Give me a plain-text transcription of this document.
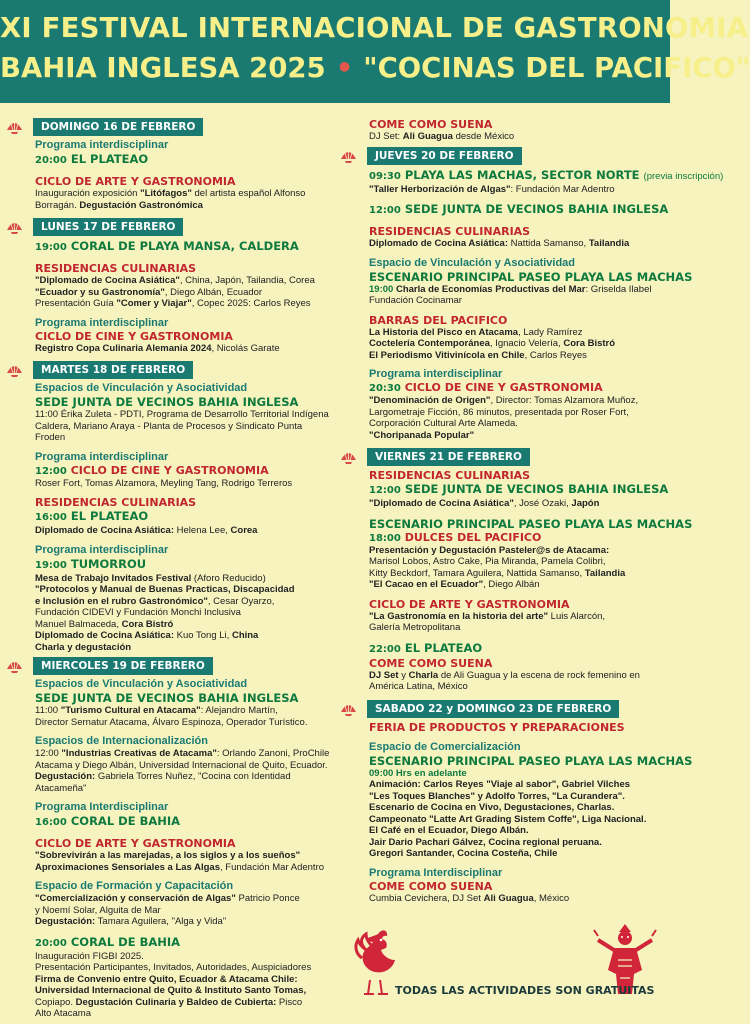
XI FESTIVAL INTERNACIONAL DE GASTRONOMIA
BAHIA INGLESA 2025 • "COCINAS DEL PACIFICO"
DOMINGO 16 DE FEBRERO
Programa interdisciplinar
20:00 EL PLATEAO
CICLO DE ARTE Y GASTRONOMIA
Inauguración exposición "Litófagos" del artista español Alfonso
Borragán. Degustación Gastronómica
LUNES 17 DE FEBRERO
19:00 CORAL DE PLAYA MANSA, CALDERA
RESIDENCIAS CULINARIAS
"Diplomado de Cocina Asiática", China, Japón, Tailandia, Corea
"Ecuador y su Gastronomía", Diego Albán, Ecuador
Presentación Guía "Comer y Viajar", Copec 2025: Carlos Reyes
Programa interdisciplinar
CICLO DE CINE Y GASTRONOMIA
Registro Copa Culinaria Alemania 2024, Nicolás Garate
MARTES 18 DE FEBRERO
Espacios de Vinculación y Asociatividad
SEDE JUNTA DE VECINOS BAHIA INGLESA
11:00 Érika Zuleta - PDTI, Programa de Desarrollo Territorial Indígena
Caldera, Mariano Araya - Planta de Procesos y Sindicato Punta Froden
Programa interdisciplinar
12:00 CICLO DE CINE Y GASTRONOMIA
Roser Fort, Tomas Alzamora, Meyling Tang, Rodrigo Terreros
RESIDENCIAS CULINARIAS
16:00 EL PLATEAO
Diplomado de Cocina Asiática: Helena Lee, Corea
Programa interdisciplinar
19:00 TUMORROU
Mesa de Trabajo Invitados Festival (Aforo Reducido)
"Protocolos y Manual de Buenas Practicas, Discapacidad
e Inclusión en el rubro Gastronómico", Cesar Oyarzo,
Fundación CIDEVI y Fundación Monchi Inclusiva
Manuel Balmaceda, Cora Bistró
Diplomado de Cocina Asiática: Kuo Tong Li, China
Charla y degustación
MIERCOLES 19 DE FEBRERO
Espacios de Vinculación y Asociatividad
SEDE JUNTA DE VECINOS BAHIA INGLESA
11:00 "Turismo Cultural en Atacama": Alejandro Martín,
Director Sernatur Atacama, Álvaro Espinoza, Operador Turístico.
Espacios de Internacionalización
12:00 "Industrias Creativas de Atacama": Orlando Zanoni, ProChile
Atacama y Diego Albán, Universidad Internacional de Quito, Ecuador.
Degustación: Gabriela Torres Nuñez, "Cocina con Identidad Atacameña"
Programa Interdisciplinar
16:00 CORAL DE BAHIA
CICLO DE ARTE Y GASTRONOMIA
"Sobrevivirán a las marejadas, a los siglos y a los sueños"
Aproximaciones Sensoriales a Las Algas, Fundación Mar Adentro
Espacio de Formación y Capacitación
"Comercialización y conservación de Algas" Patricio Ponce
y Noemí Solar, Alguita de Mar
Degustación: Tamara Aguilera, "Alga y Vida"
20:00 CORAL DE BAHIA
Inauguración FIGBI 2025.
Presentación Participantes, Invitados, Autoridades, Auspiciadores
Firma de Convenio entre Quito, Ecuador & Atacama Chile:
Universidad Internacional de Quito & Instituto Santo Tomas,
Copiapo. Degustación Culinaria y Baldeo de Cubierta: Pisco
Alto Atacama
COME COMO SUENA
DJ Set: Ali Guagua desde México
JUEVES 20 DE FEBRERO
09:30 PLAYA LAS MACHAS, SECTOR NORTE (previa inscripción)
"Taller Herborización de Algas": Fundación Mar Adentro
12:00 SEDE JUNTA DE VECINOS BAHIA INGLESA
RESIDENCIAS CULINARIAS
Diplomado de Cocina Asiática: Nattida Samanso, Tailandia
Espacio de Vinculación y Asociatividad
ESCENARIO PRINCIPAL PASEO PLAYA LAS MACHAS
19:00 Charla de Economías Productivas del Mar: Griselda Ilabel
Fundación Cocinamar
BARRAS DEL PACIFICO
La Historia del Pisco en Atacama, Lady Ramírez
Coctelería Contemporánea, Ignacio Velería, Cora Bistró
El Periodismo Vitivinícola en Chile, Carlos Reyes
Programa interdisciplinar
20:30 CICLO DE CINE Y GASTRONOMIA
"Denominación de Origen", Director: Tomas Alzamora Muñoz,
Largometraje Ficción, 86 minutos, presentada por Roser Fort,
Corporación Cultural Arte Alameda.
"Choripanada Popular"
VIERNES 21 DE FEBRERO
RESIDENCIAS CULINARIAS
12:00 SEDE JUNTA DE VECINOS BAHIA INGLESA
"Diplomado de Cocina Asiática", José Ozaki, Japón
ESCENARIO PRINCIPAL PASEO PLAYA LAS MACHAS
18:00 DULCES DEL PACIFICO
Presentación y Degustación Pasteler@s de Atacama:
Marisol Lobos, Astro Cake, Pia Miranda, Pamela Colibri,
Kitty Beckdorf, Tamara Aguilera, Nattida Samanso, Tailandia
"El Cacao en el Ecuador", Diego Albán
CICLO DE ARTE Y GASTRONOMIA
"La Gastronomía en la historia del arte" Luis Alarcón,
Galería Metropolitana
22:00 EL PLATEAO
COME COMO SUENA
DJ Set y Charla de Ali Guagua y la escena de rock femenino en
América Latina, México
SABADO 22 y DOMINGO 23 DE FEBRERO
FERIA DE PRODUCTOS Y PREPARACIONES
Espacio de Comercialización
ESCENARIO PRINCIPAL PASEO PLAYA LAS MACHAS
09:00 Hrs en adelante
Animación: Carlos Reyes "Viaje al sabor", Gabriel Vilches
"Les Toques Blanches" y Adolfo Torres, "La Curandera".
Escenario de Cocina en Vivo, Degustaciones, Charlas.
Campeonato "Latte Art Grading Sistem Coffe", Liga Nacional.
El Café en el Ecuador, Diego Albán.
Jair Dario Pachari Gálvez, Cocina regional peruana.
Gregori Santander, Cocina Costeña, Chile
Programa Interdisciplinar
COME COMO SUENA
Cumbia Cevichera, DJ Set Ali Guagua, México
TODAS LAS ACTIVIDADES SON GRATUITAS
